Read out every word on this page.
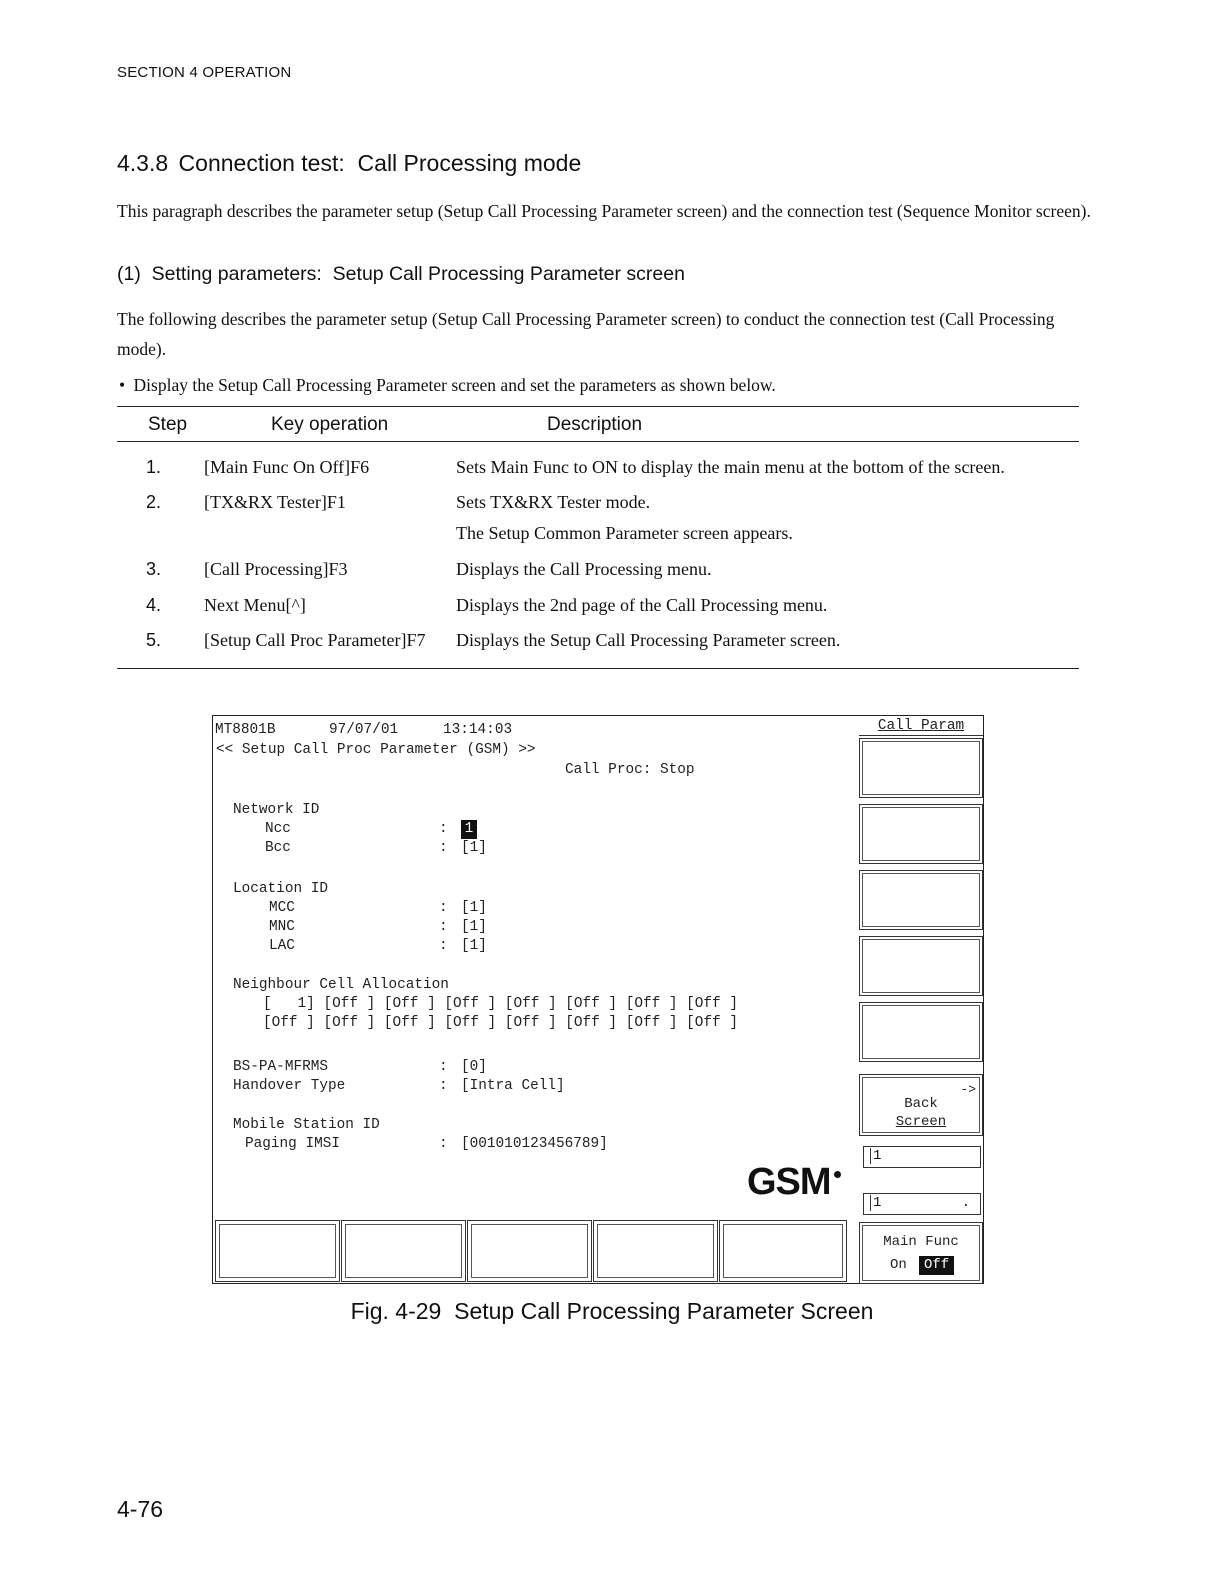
SECTION 4 OPERATION
4.3.8 Connection test:  Call Processing mode
This paragraph describes the parameter setup (Setup Call Processing Parameter screen) and the connection test (Sequence Monitor screen).
(1)  Setting parameters:  Setup Call Processing Parameter screen
The following describes the parameter setup (Setup Call Processing Parameter screen) to conduct the connection test (Call Processing mode).
• Display the Setup Call Processing Parameter screen and set the parameters as shown below.
Step	Key operation	Description
1. [Main Func On Off]F6	Sets Main Func to ON to display the main menu at the bottom of the screen.
2. [TX&RX Tester]F1	Sets TX&RX Tester mode.
The Setup Common Parameter screen appears.
3. [Call Processing]F3	Displays the Call Processing menu.
4. Next Menu[^]	Displays the 2nd page of the Call Processing menu.
5. [Setup Call Proc Parameter]F7 Displays the Setup Call Processing Parameter screen.
MT8801B	97/07/01	13:14:03
<< Setup Call Proc Parameter (GSM) >>
Call Proc: Stop
Network ID
Ncc	: 1
Bcc	: [1]
Location ID
MCC	: [1]
MNC	: [1]
LAC	: [1]
Neighbour Cell Allocation
[   1] [Off ] [Off ] [Off ] [Off ] [Off ] [Off ] [Off ]
[Off ] [Off ] [Off ] [Off ] [Off ] [Off ] [Off ] [Off ]
BS-PA-MFRMS	: [0]
Handover Type	: [Intra Cell]
Mobile Station ID
Paging IMSI	: [001010123456789]
GSM
Call Param
->
Back
Screen
1
1	.
Main Func
On	Off
Fig. 4-29  Setup Call Processing Parameter Screen
4-76
